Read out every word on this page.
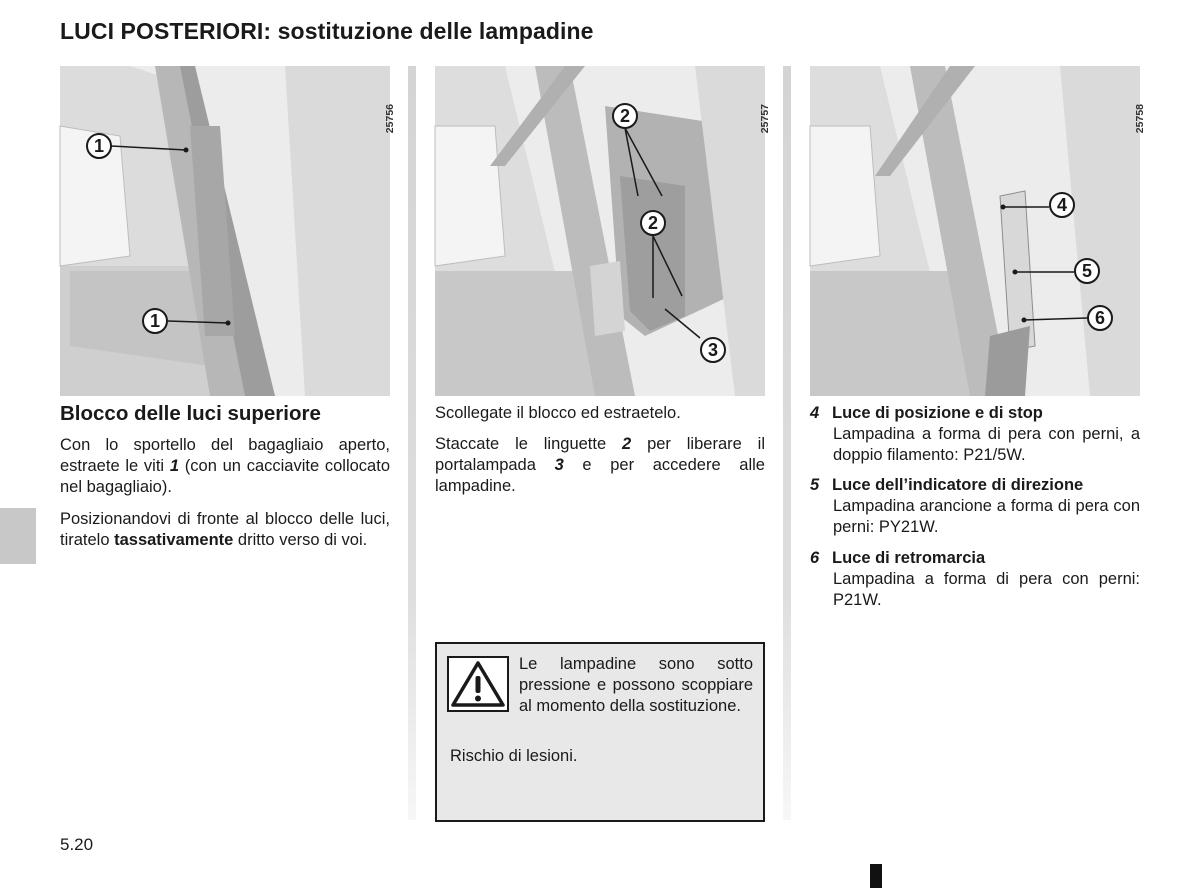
LUCI POSTERIORI: sostituzione delle lampadine
1
1
25756	2
2
3
25757
4
5
6
25758
Blocco delle luci superiore

Con lo sportello del bagagliaio aperto, estraete le viti 1 (con un cacciavite collocato nel bagagliaio).

Posizionandovi di fronte al blocco delle luci, tiratelo tassativamente dritto verso di voi.

Scollegate il blocco ed estraetelo.

Staccate le linguette 2 per liberare il portalampada 3 e per accedere alle lampadine.

Le lampadine sono sotto pressione e possono scoppiare al momento della sostituzione.
Rischio di lesioni.
4 Luce di posizione e di stop
Lampadina a forma di pera con perni, a doppio filamento: P21/5W.
5 Luce dell’indicatore di direzione
Lampadina arancione a forma di pera con perni: PY21W.
6 Luce di retromarcia
Lampadina a forma di pera con perni: P21W.
5.20
